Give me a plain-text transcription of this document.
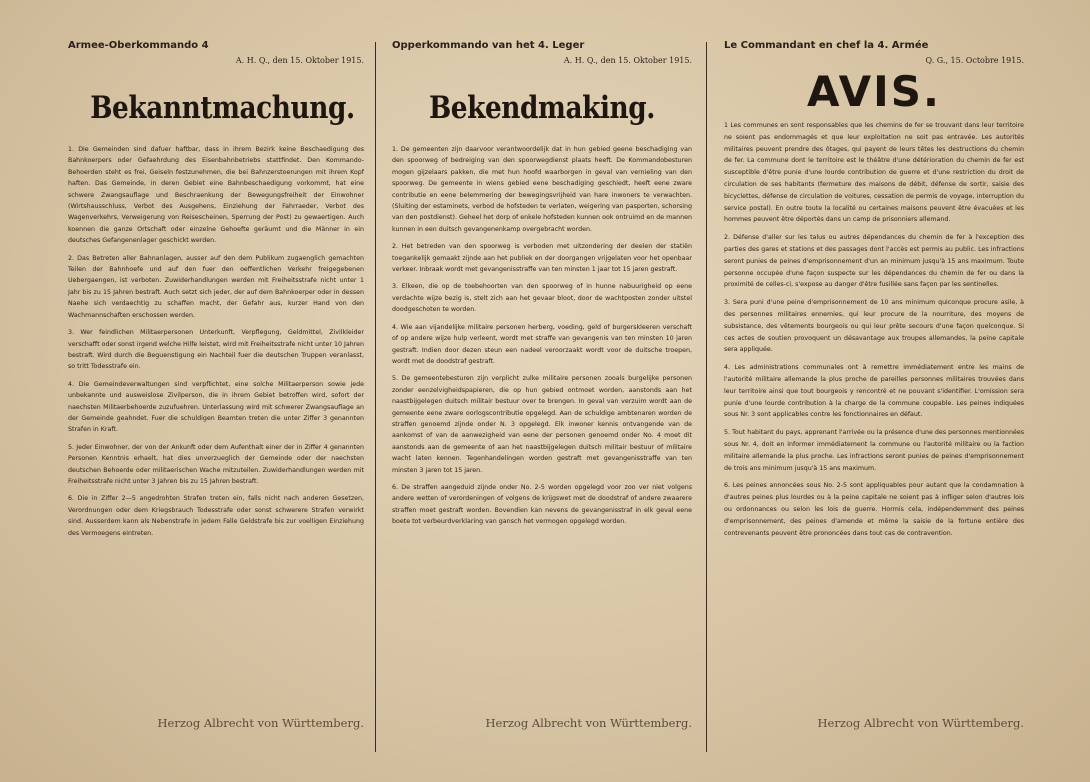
Armee-Oberkommando 4

A. H. Q., den 15. Oktober 1915.

Bekanntmachung.

1. Die Gemeinden sind dafuer haftbar, dass in ihrem Bezirk keine Beschaedigung des Bahnkoerpers oder Gefaehrdung des Eisenbahnbetriebs stattfindet. Den Kommando-Behoerden steht es frei, Geiseln festzunehmen, die bei Bahnzerstoerungen mit ihrem Kopf haften. Das Gemeinde, in deren Gebiet eine Bahnbeschaedigung vorkommt, hat eine schwere Zwangsauflage und Beschraenkung der Bewegungsfreiheit der Einwohner (Wirtshausschluss, Verbot des Ausgehens, Einziehung der Fahrraeder, Verbot des Wagenverkehrs, Verweigerung von Reisescheinen, Sperrung der Post) zu gewaertigen. Auch koennen die ganze Ortschaft oder einzelne Gehoefte geräumt und die Männer in ein deutsches Gefangenenlager geschickt werden.

2. Das Betreten aller Bahnanlagen, ausser auf den dem Publikum zugaenglich gemachten Teilen der Bahnhoefe und auf den fuer den oeffentlichen Verkehr freigegebenen Uebergaengen, ist verboten. Zuwiderhandlungen werden mit Freiheitsstrafe nicht unter 1 Jahr bis zu 15 Jahren bestraft. Auch setzt sich jeder, der auf dem Bahnkoerper oder in dessen Naehe sich verdaechtig zu schaffen macht, der Gefahr aus, kurzer Hand von den Wachmannschaften erschossen werden.

3. Wer feindlichen Militaerpersonen Unterkunft, Verpflegung, Geldmittel, Zivilkleider verschafft oder sonst irgend welche Hilfe leistet, wird mit Freiheitsstrafe nicht unter 10 Jahren bestraft. Wird durch die Beguenstigung ein Nachteil fuer die deutschen Truppen veranlasst, so tritt Todesstrafe ein.

4. Die Gemeindeverwaltungen sind verpflichtet, eine solche Militaerperson sowie jede unbekannte und ausweislose Zivilperson, die in ihrem Gebiet betroffen wird, sofort der naechsten Militaerbehoerde zuzufuehren. Unterlassung wird mit schwerer Zwangsauflage an der Gemeinde geahndet. Fuer die schuldigen Beamten treten die unter Ziffer 3 genannten Strafen in Kraft.

5. Jeder Einwohner, der von der Ankunft oder dem Aufenthalt einer der in Ziffer 4 genannten Personen Kenntnis erhaelt, hat dies unverzueglich der Gemeinde oder der naechsten deutschen Behoerde oder militaerischen Wache mitzuteilen. Zuwiderhandlungen werden mit Freiheitsstrafe nicht unter 3 Jahren bis zu 15 Jahren bestraft.

6. Die in Ziffer 2—5 angedrohten Strafen treten ein, falls nicht nach anderen Gesetzen, Verordnungen oder dem Kriegsbrauch Todesstrafe oder sonst schwerere Strafen verwirkt sind. Ausserdem kann als Nebenstrafe in jedem Falle Geldstrafe bis zur voelligen Einziehung des Vermoegens eintreten.

Herzog Albrecht von Württemberg.

Opperkommando van het 4. Leger

A. H. Q., den 15. Oktober 1915.

Bekendmaking.

1. De gemeenten zijn daarvoor verantwoordelijk dat in hun gebied geene beschadiging van den spoorweg of bedreiging van den spoorwegdienst plaats heeft. De Kommandobesturen mogen gijzelaars pakken, die met hun hoofd waarborgen in geval van vernieling van den spoorweg. De gemeente in wiens gebied eene beschadiging geschiedt, heeft eene zware contributie en eene belemmering der bewegingsvrijheid van hare inwoners te verwachten. (Sluiting der estaminets, verbod de hofsteden te verlaten, weigering van pasporten, schorsing van den postdienst). Geheel het dorp of enkele hofsteden kunnen ook ontruimd en de mannen kunnen in een duitsch gevangenenkamp overgebracht worden.

2. Het betreden van den spoorweg is verboden met uitzondering der deelen der statiën toegankelijk gemaakt zijnde aan het publiek en der doorgangen vrijgelaten voor het openbaar verkeer. Inbraak wordt met gevangenisstraffe van ten minsten 1 jaar tot 15 jaren gestraft.

3. Elkeen, die op de toebehoorten van den spoorweg of in hunne nabuurigheid op eene verdachte wijze bezig is, stelt zich aan het gevaar bloot, door de wachtposten zonder uitstel doodgeschoten te worden.

4. Wie aan vijandelijke militaire personen herberg, voeding, geld of burgerskleeren verschaft of op andere wijze hulp verleent, wordt met straffe van gevangenis van ten minsten 10 jaren gestraft. Indien door dezen steun een nadeel veroorzaakt wordt voor de duitsche troepen, wordt met de doodstraf gestraft.

5. De gemeentebesturen zijn verplicht zulke militaire personen zooals burgelijke personen zonder eenzelvigheidspapieren, die op hun gebied ontmoet worden, aanstonds aan het naastbijgelegen duitsch militair bestuur over te brengen. In geval van verzuim wordt aan de gemeente eene zware oorlogscontributie opgelegd. Aan de schuldige ambtenaren worden de straffen genoemd zijnde onder N. 3 opgelegd. Elk inwoner kennis ontvangende van de aankomst of van de aanwezigheid van eene der personen genoemd onder No. 4 moet dit aanstonds aan de gemeente of aan het naastbijgelegen duitsch militair bestuur of militaire wacht laten kennen. Tegenhandelingen worden gestraft met gevangenisstraffe van ten minsten 3 jaren tot 15 jaren.

6. De straffen aangeduid zijnde onder No. 2-5 worden opgelegd voor zoo ver niet volgens andere wetten of verordeningen of volgens de krijgswet met de doodstraf of andere zwaarere straffen moet gestraft worden. Bovendien kan nevens de gevangenisstraf in elk geval eene boete tot verbeurdverklaring van gansch het vermogen opgelegd worden.

Herzog Albrecht von Württemberg.

Le Commandant en chef la 4. Armée

Q. G., 15. Octobre 1915.

AVIS.

1 Les communes en sont responsables que les chemins de fer se trouvant dans leur territoire ne soient pas endommagés et que leur exploitation ne soit pas entravée. Les autorités militaires peuvent prendre des ôtages, qui payent de leurs têtes les destructions du chemin de fer. La commune dont le territoire est le théâtre d'une détérioration du chemin de fer est susceptible d'être punie d'une lourde contribution de guerre et d'une restriction du droit de circulation de ses habitants (fermeture des maisons de débit, défense de sortir, saisie des bicyclettes, défense de circulation de voitures, cessation de permis de voyage, interruption du service postal). En outre toute la localité ou certaines maisons peuvent être évacuées et les hommes peuvent être déportés dans un camp de prisonniers allemand.

2. Défense d'aller sur les talus ou autres dépendances du chemin de fer à l'exception des parties des gares et stations et des passages dont l'accès est permis au public. Les infractions seront punies de peines d'emprisonnement d'un an minimum jusqu'à 15 ans maximum. Toute personne occupée d'une façon suspecte sur les dépendances du chemin de fer ou dans la proximité de celles-ci, s'expose au danger d'être fusillée sans façon par les sentinelles.

3. Sera puni d'une peine d'emprisonnement de 10 ans minimum quiconque procure asile, à des personnes militaires ennemies, qui leur procure de la nourriture, des moyens de subsistance, des vêtements bourgeois ou qui leur prête secours d'une façon quelconque. Si ces actes de soutien provoquent un désavantage aux troupes allemandes, la peine capitale sera appliquée.

4. Les administrations communales ont à remettre immédiatement entre les mains de l'autorité militaire allemande la plus proche de pareilles personnes militaires trouvées dans leur territoire ainsi que tout bourgeois y rencontré et ne pouvant s'identifier. L'omission sera punie d'une lourde contribution à la charge de la commune coupable. Les peines indiquées sous Nr. 3 sont applicables contre les fonctionnaires en défaut.

5. Tout habitant du pays, apprenant l'arrivée ou la présence d'une des personnes mentionnées sous Nr. 4, doit en informer immédiatement la commune ou l'autorité militaire ou la faction militaire allemande la plus proche. Les infractions seront punies de peines d'emprisonnement de trois ans minimum jusqu'à 15 ans maximum.

6. Les peines annoncées sous No. 2-5 sont appliquables pour autant que la condamnation à d'autres peines plus lourdes ou à la peine capitale ne soient pas à infliger selon d'autres lois ou ordonnances ou selon les lois de guerre. Hormis cela, indépendemment des peines d'emprisonnement, des peines d'amende et même la saisie de la fortune entière des contrevenants peuvent être prononcées dans tout cas de contravention.

Herzog Albrecht von Württemberg.
